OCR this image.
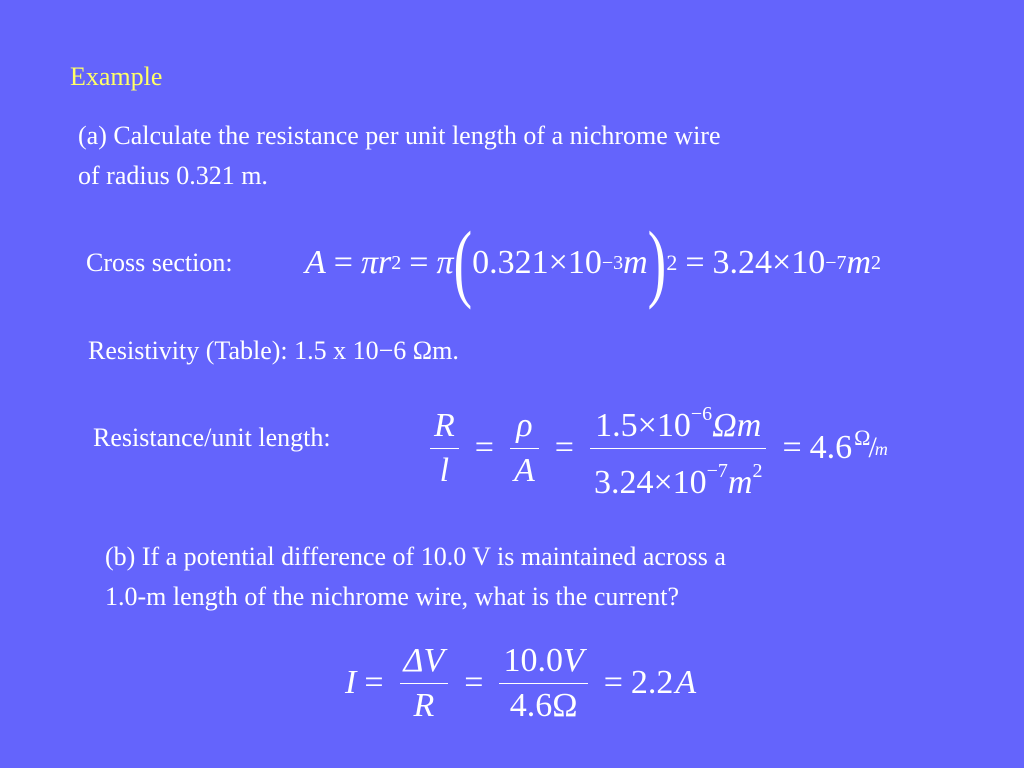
Example
(a) Calculate the resistance per unit length of a nichrome wire
of radius 0.321 m.
Cross section: A = π r 2 = π ( 0.321×10 −3 m ) 2 = 3.24×10 −7 m 2
Resistivity (Table): 1.5 x 10−6 Ωm.
Resistance/unit length:	$\frac{R}{l} = \frac{\rho}{A} = \frac{1.5\times 10^{-6}\Omega m}{3.24\times 10^{-7}m^2} = 4.6$ Ω
/
m
(b) If a potential difference of 10.0 V is maintained across a
1.0-m length of the nichrome wire, what is the current?
$I = \frac{\Delta V}{R} = \frac{10.0V}{4.6\Omega} = 2.2$ A
